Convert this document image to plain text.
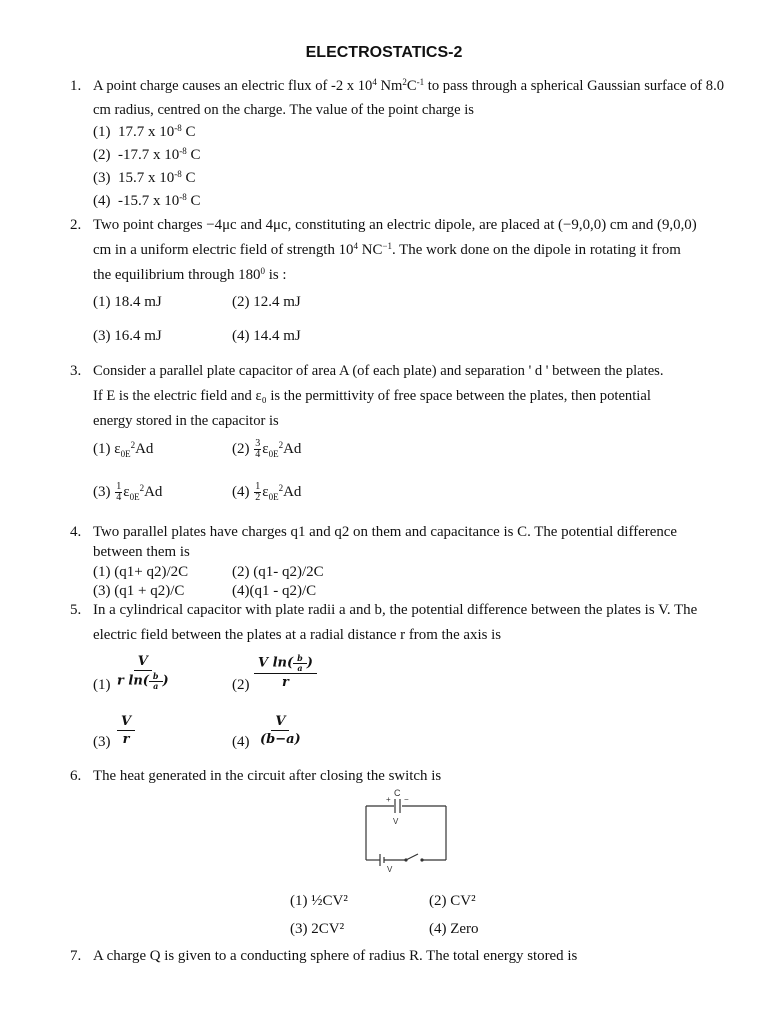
ELECTROSTATICS-2
1. A point charge causes an electric flux of -2 x $10^4$ $Nm^2C^{-1}$ to pass through a spherical Gaussian surface of 8.0
cm radius, centred on the charge. The value of the point charge is
(1) 17.7 x $10^{-8}$ C
(2) -17.7 x $10^{-8}$ C
(3) 15.7 x $10^{-8}$ C
(4) -15.7 x $10^{-8}$ C
2. Two point charges −4μc and 4μc, constituting an electric dipole, are placed at (−9,0,0) cm and (9,0,0)
cm in a uniform electric field of strength $10^4$ $NC^{-1}$. The work done on the dipole in rotating it from
the equilibrium through $180^0$ is :
(1) 18.4 mJ	(2) 12.4 mJ
(3) 16.4 mJ	(4) 14.4 mJ
3. Consider a parallel plate capacitor of area A (of each plate) and separation ' d ' between the plates.
If E is the electric field and ε₀ is the permittivity of free space between the plates, then potential
energy stored in the capacitor is
(1) $\varepsilon_{0E}^2Ad$	$(2) \frac{3}{4} \varepsilon_{0E}^2Ad$
$(3) \frac{1}{4} \varepsilon_{0E}^2Ad$	$(4) \frac{1}{2} \varepsilon_{0E}^2Ad$
4. Two parallel plates have charges q1 and q2 on them and capacitance is C. The potential difference
between them is
(1) (q1+ q2)/2C	(2) (q1- q2)/2C
(3) (q1 + q2)/C	(4)(q1 - q2)/C
5. In a cylindrical capacitor with plate radii a and b, the potential difference between the plates is V. The
electric field between the plates at a radial distance r from the axis is
$(1) \frac{V}{r \ln( \frac{b}{a} )}$	$(2) \frac{V \ln( \frac{b}{a} )}{r}$
$(3) \frac{V}{r}$	$(4) \frac{V}{(b-a)}$
6. The heat generated in the circuit after closing the switch is
C
+ −
V
V
(1) ½CV²	(2) CV²
(3) 2CV²	(4) Zero
7. A charge Q is given to a conducting sphere of radius R. The total energy stored is
